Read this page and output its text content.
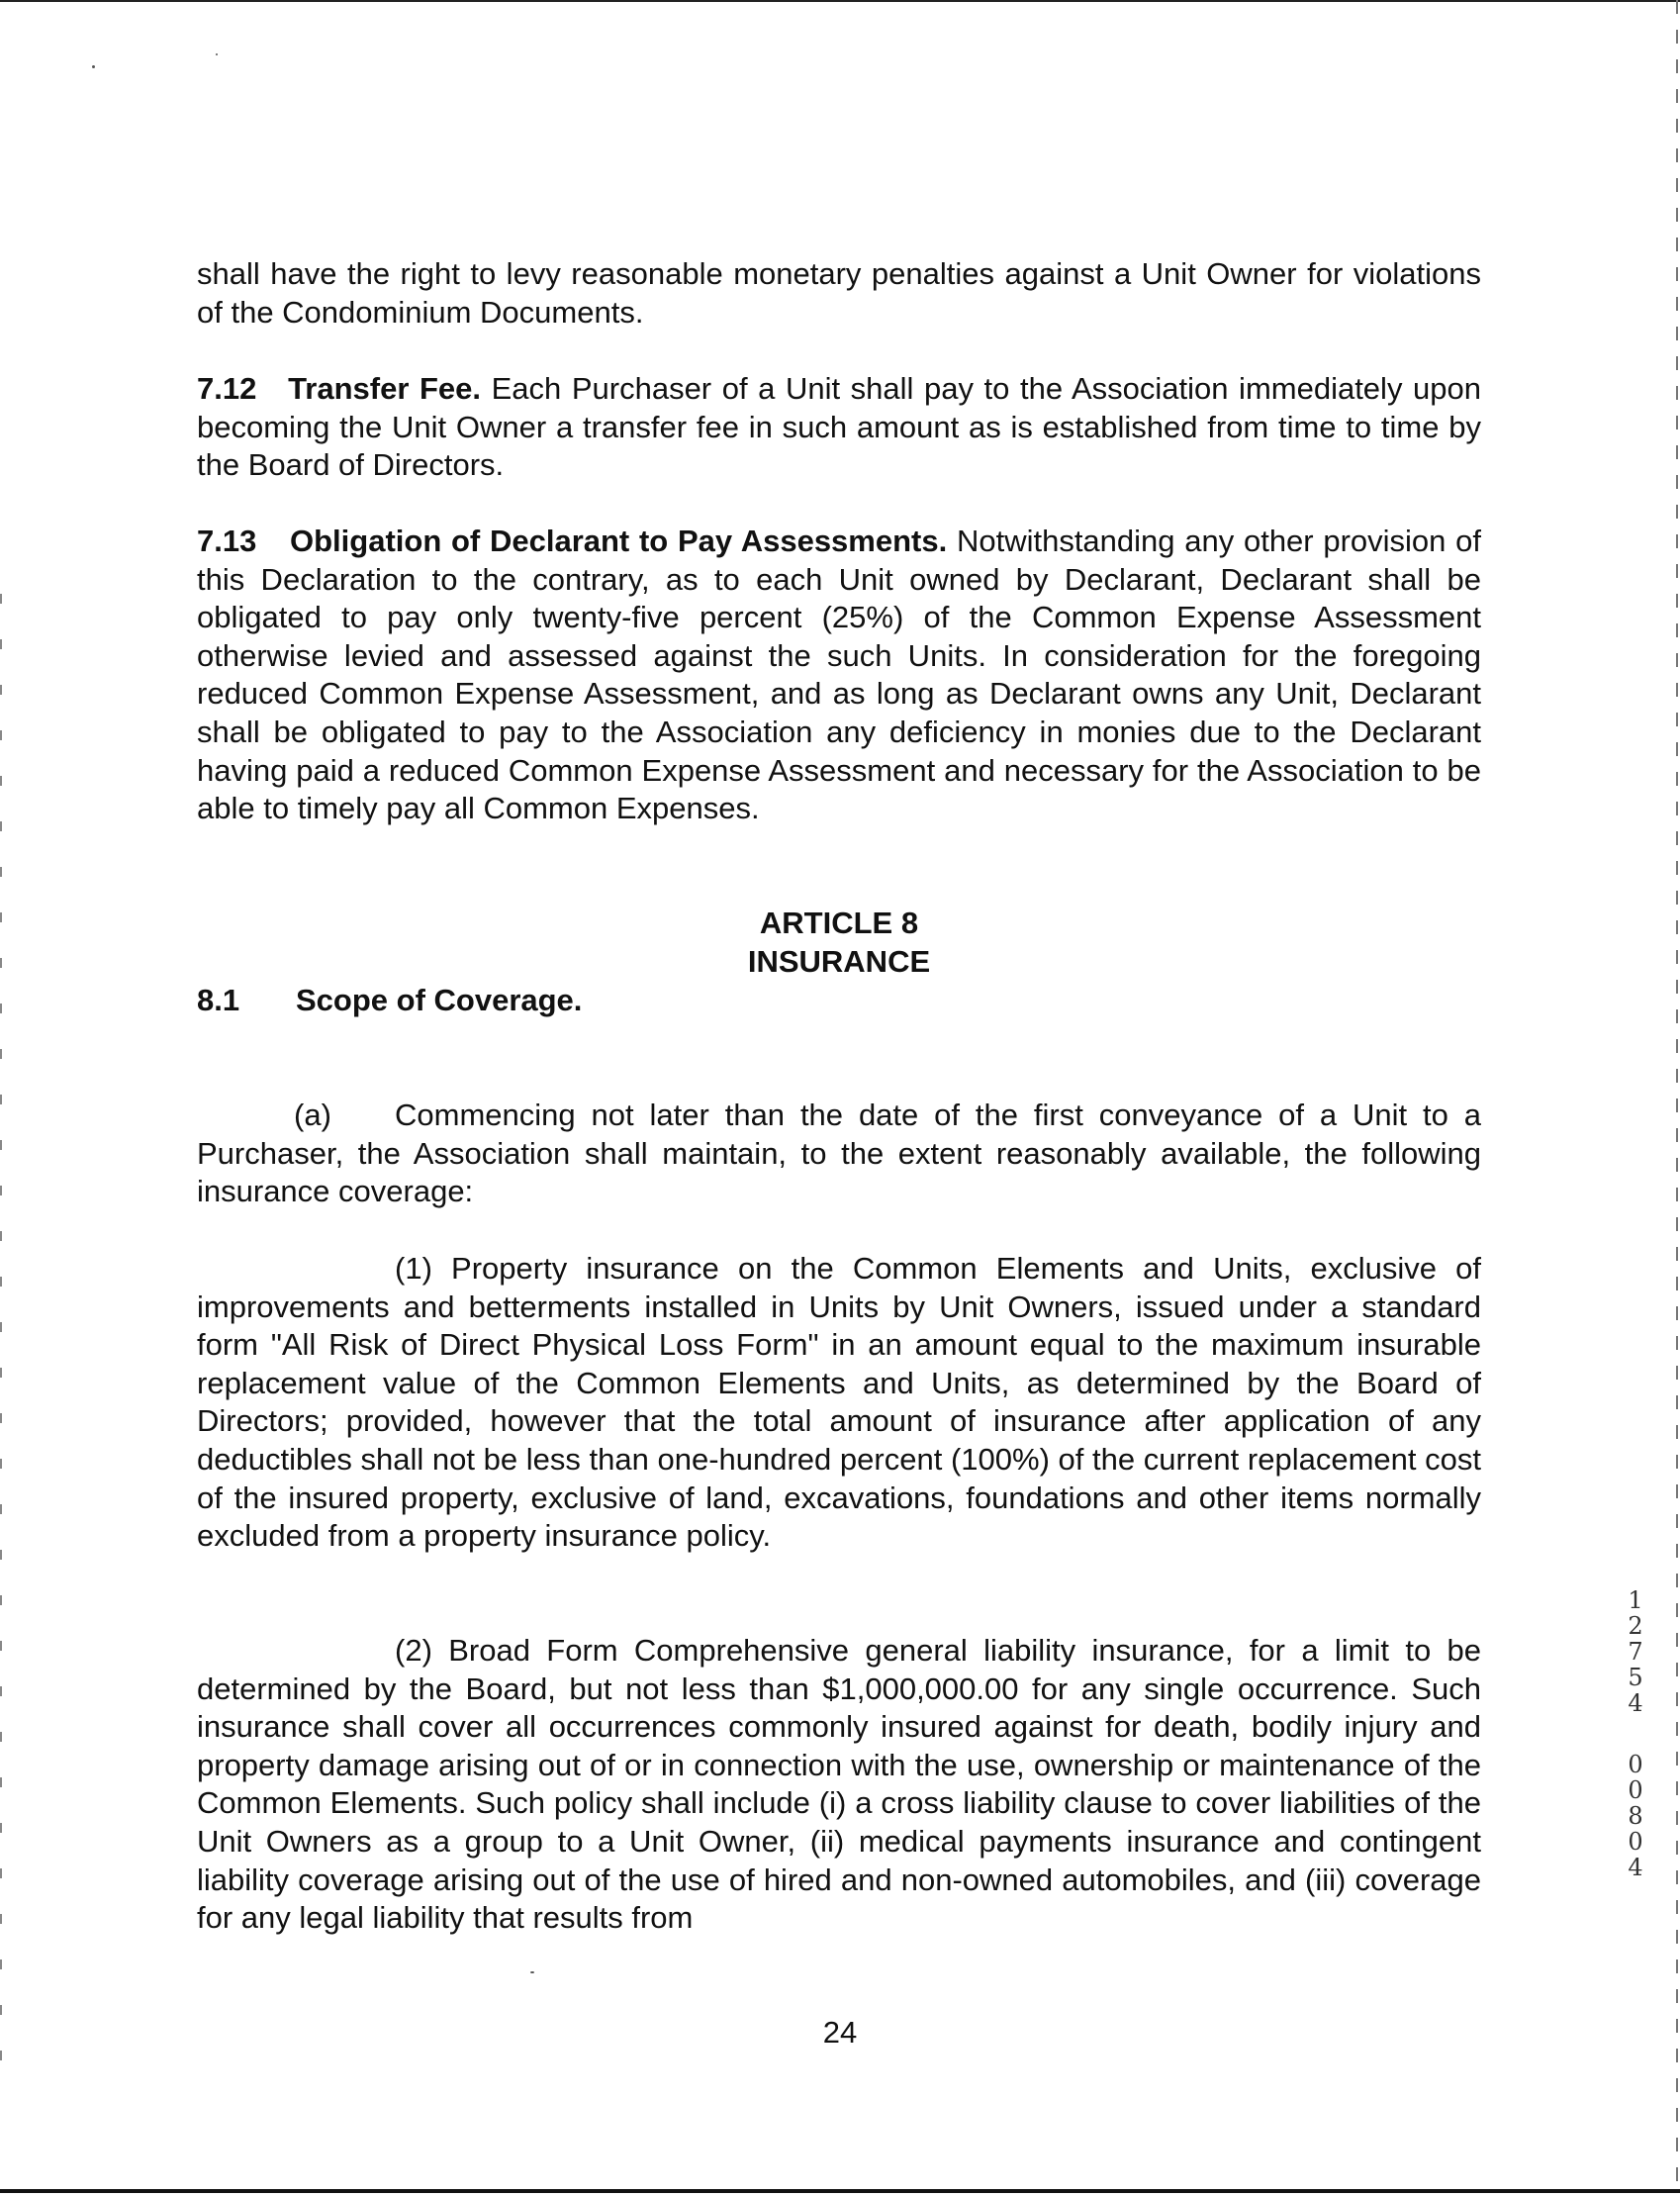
shall have the right to levy reasonable monetary penalties against a Unit Owner for violations of the Condominium Documents.

7.12 Transfer Fee. Each Purchaser of a Unit shall pay to the Association immediately upon becoming the Unit Owner a transfer fee in such amount as is established from time to time by the Board of Directors.

7.13 Obligation of Declarant to Pay Assessments. Notwithstanding any other provision of this Declaration to the contrary, as to each Unit owned by Declarant, Declarant shall be obligated to pay only twenty-five percent (25%) of the Common Expense Assessment otherwise levied and assessed against the such Units. In consideration for the foregoing reduced Common Expense Assessment, and as long as Declarant owns any Unit, Declarant shall be obligated to pay to the Association any deficiency in monies due to the Declarant having paid a reduced Common Expense Assessment and necessary for the Association to be able to timely pay all Common Expenses.

ARTICLE 8
INSURANCE

8.1 Scope of Coverage.

(a) Commencing not later than the date of the first conveyance of a Unit to a Purchaser, the Association shall maintain, to the extent reasonably available, the following insurance coverage:

(1) Property insurance on the Common Elements and Units, exclusive of improvements and betterments installed in Units by Unit Owners, issued under a standard form "All Risk of Direct Physical Loss Form" in an amount equal to the maximum insurable replacement value of the Common Elements and Units, as determined by the Board of Directors; provided, however that the total amount of insurance after application of any deductibles shall not be less than one-hundred percent (100%) of the current replacement cost of the insured property, exclusive of land, excavations, foundations and other items normally excluded from a property insurance policy.

(2) Broad Form Comprehensive general liability insurance, for a limit to be determined by the Board, but not less than $1,000,000.00 for any single occurrence. Such insurance shall cover all occurrences commonly insured against for death, bodily injury and property damage arising out of or in connection with the use, ownership or maintenance of the Common Elements. Such policy shall include (i) a cross liability clause to cover liabilities of the Unit Owners as a group to a Unit Owner, (ii) medical payments insurance and contingent liability coverage arising out of the use of hired and non-owned automobiles, and (iii) coverage for any legal liability that results from

24
1
2
7
5
4
0
0
8
0
4
